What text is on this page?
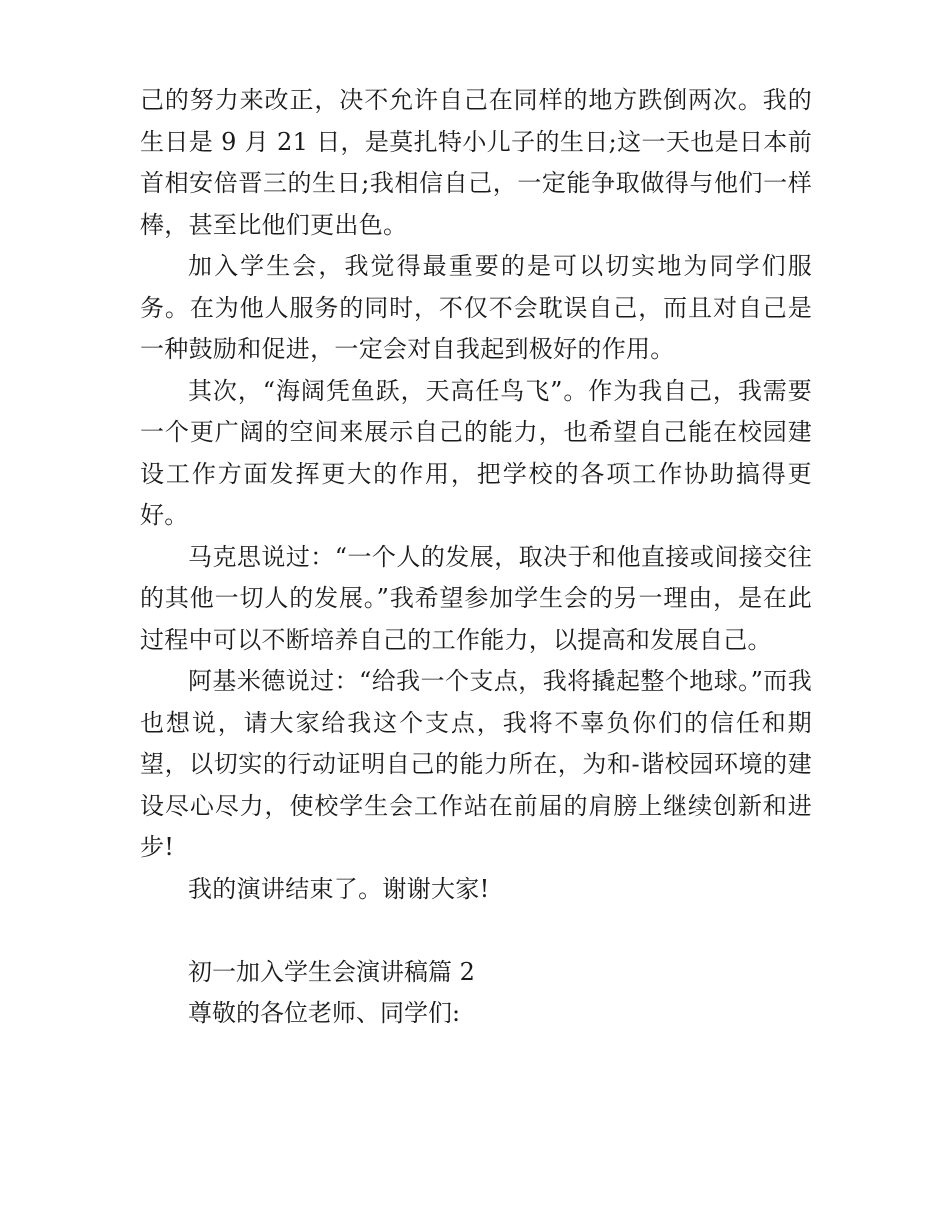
己的努力来改正，决不允许自己在同样的地方跌倒两次。我的生日是 9 月 21 日，是莫扎特小儿子的生日;这一天也是日本前首相安倍晋三的生日;我相信自己，一定能争取做得与他们一样棒，甚至比他们更出色。

加入学生会，我觉得最重要的是可以切实地为同学们服务。在为他人服务的同时，不仅不会耽误自己，而且对自己是一种鼓励和促进，一定会对自我起到极好的作用。

其次，“海阔凭鱼跃，天高任鸟飞”。作为我自己，我需要一个更广阔的空间来展示自己的能力，也希望自己能在校园建设工作方面发挥更大的作用，把学校的各项工作协助搞得更好。

马克思说过：“一个人的发展，取决于和他直接或间接交往的其他一切人的发展。”我希望参加学生会的另一理由，是在此过程中可以不断培养自己的工作能力，以提高和发展自己。

阿基米德说过：“给我一个支点，我将撬起整个地球。”而我也想说，请大家给我这个支点，我将不辜负你们的信任和期望，以切实的行动证明自己的能力所在，为和-谐校园环境的建设尽心尽力，使校学生会工作站在前届的肩膀上继续创新和进步!

我的演讲结束了。谢谢大家!

初一加入学生会演讲稿篇 2

尊敬的各位老师、同学们:
